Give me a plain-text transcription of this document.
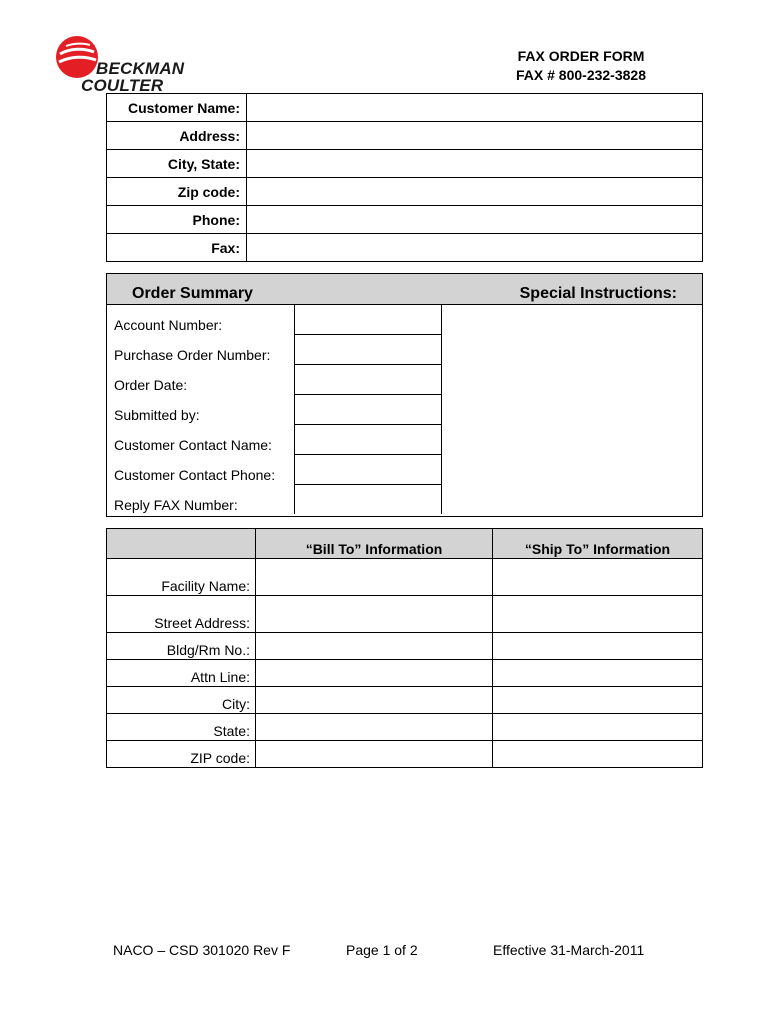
BECKMAN
COULTER
FAX ORDER FORM
FAX # 800-232-3828
Customer Name:	
Address:	
City, State:	
Zip code:	
Phone:	
Fax:	
Order Summary	Special Instructions:
Account Number:	
Purchase Order Number:	
Order Date:	
Submitted by:	
Customer Contact Name:	
Customer Contact Phone:	
Reply FAX Number:	
	“Bill To” Information	“Ship To” Information
Facility Name:		
Street Address:		
Bldg/Rm No.:		
Attn Line:		
City:		
State:		
ZIP code:		
NACO – CSD 301020 Rev F	Page 1 of 2	Effective 31-March-2011
